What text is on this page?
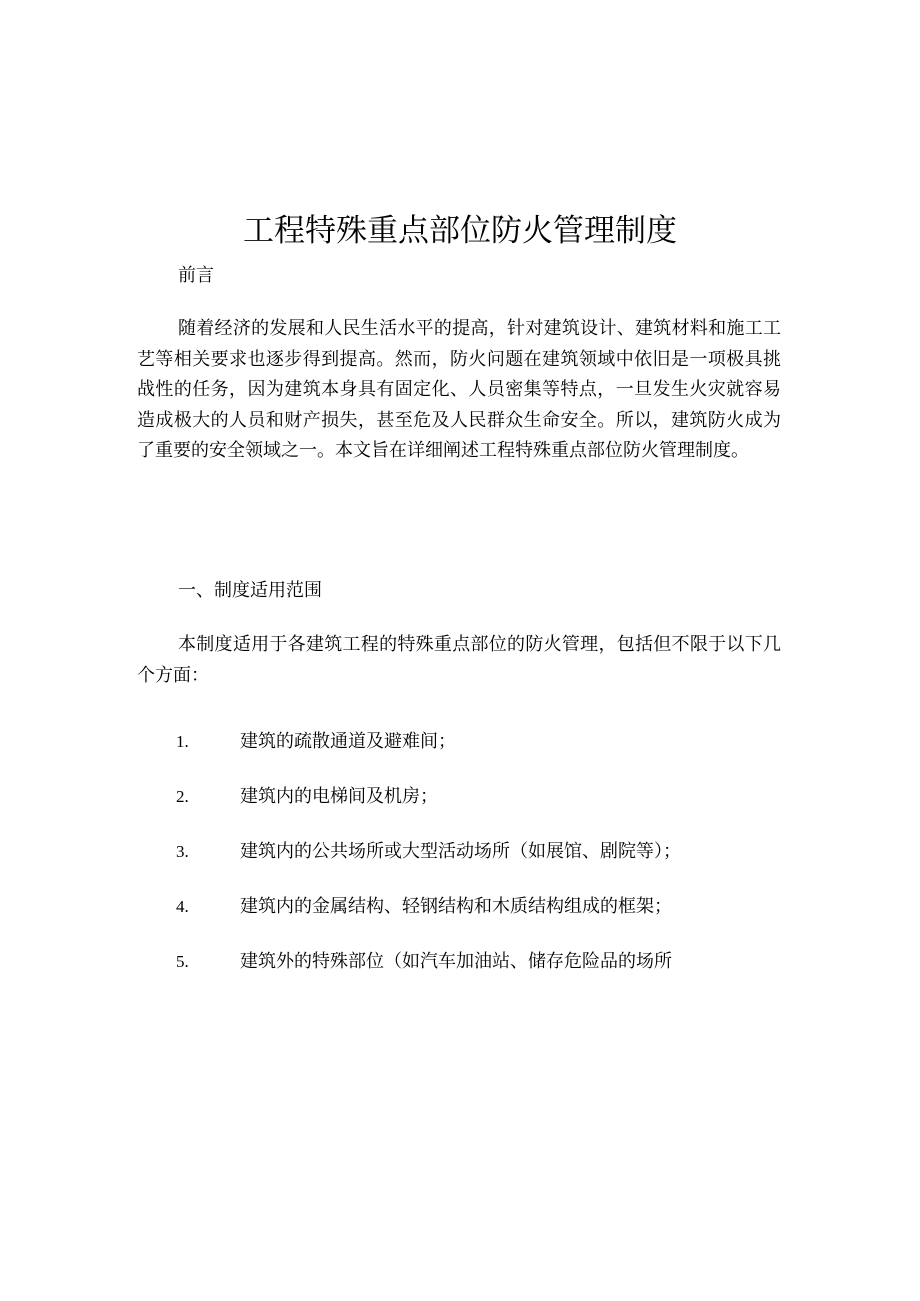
工程特殊重点部位防火管理制度

前言

随着经济的发展和人民生活水平的提高，针对建筑设计、建筑材料和施工工艺等相关要求也逐步得到提高。然而，防火问题在建筑领域中依旧是一项极具挑战性的任务，因为建筑本身具有固定化、人员密集等特点，一旦发生火灾就容易造成极大的人员和财产损失，甚至危及人民群众生命安全。所以，建筑防火成为了重要的安全领域之一。本文旨在详细阐述工程特殊重点部位防火管理制度。

一、制度适用范围

本制度适用于各建筑工程的特殊重点部位的防火管理，包括但不限于以下几个方面：

1.	建筑的疏散通道及避难间；
2.	建筑内的电梯间及机房；
3.	建筑内的公共场所或大型活动场所（如展馆、剧院等）；
4.	建筑内的金属结构、轻钢结构和木质结构组成的框架；
5.	建筑外的特殊部位（如汽车加油站、储存危险品的场所
